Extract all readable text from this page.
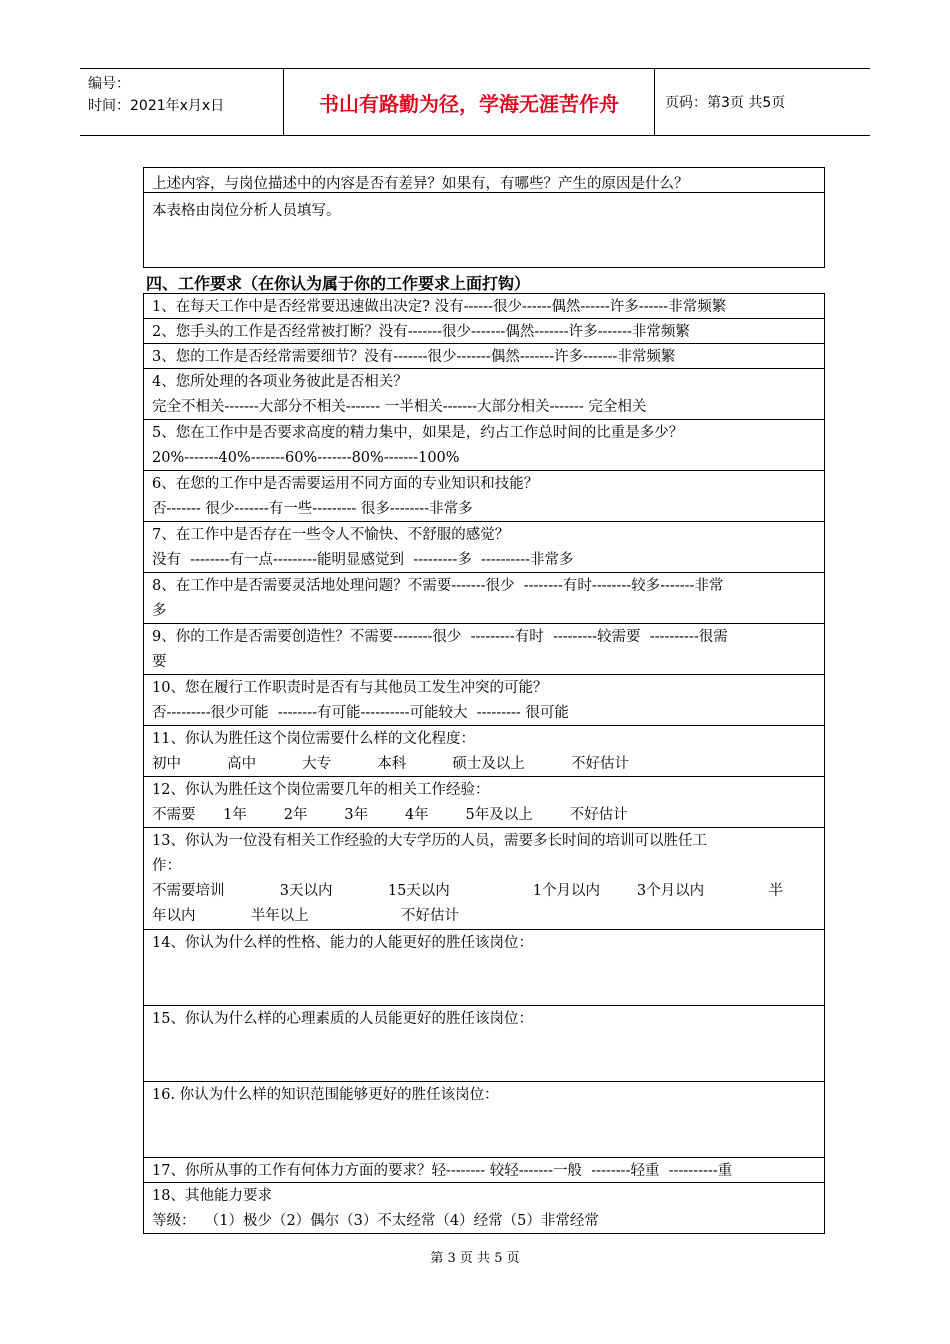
编号：
时间：2021年x月x日	书山有路勤为径，学海无涯苦作舟	页码：第3页 共5页
上述内容，与岗位描述中的内容是否有差异？如果有，有哪些？产生的原因是什么？
本表格由岗位分析人员填写。
四、工作要求（在你认为属于你的工作要求上面打钩）
1、在每天工作中是否经常要迅速做出决定? 没有------很少------偶然------许多------非常频繁
2、您手头的工作是否经常被打断？没有-------很少-------偶然-------许多-------非常频繁
3、您的工作是否经常需要细节？没有-------很少-------偶然-------许多-------非常频繁
4、您所处理的各项业务彼此是否相关？
完全不相关-------大部分不相关------- 一半相关-------大部分相关------- 完全相关
5、您在工作中是否要求高度的精力集中，如果是，约占工作总时间的比重是多少？
20%-------40%-------60%-------80%-------100%
6、在您的工作中是否需要运用不同方面的专业知识和技能？
否------- 很少-------有一些--------- 很多--------非常多
7、在工作中是否存在一些令人不愉快、不舒服的感觉？
没有  --------有一点---------能明显感觉到  ---------多  ----------非常多
8、在工作中是否需要灵活地处理问题？不需要-------很少  --------有时--------较多-------非常
多
9、你的工作是否需要创造性？不需要--------很少  ---------有时  ---------较需要  ----------很需
要
10、您在履行工作职责时是否有与其他员工发生冲突的可能？
否---------很少可能  --------有可能----------可能较大  --------- 很可能
11、你认为胜任这个岗位需要什么样的文化程度：
初中          高中          大专          本科          硕士及以上          不好估计
12、你认为胜任这个岗位需要几年的相关工作经验：
不需要      1年        2年        3年        4年        5年及以上        不好估计
13、你认为一位没有相关工作经验的大专学历的人员，需要多长时间的培训可以胜任工
作：
不需要培训            3天以内            15天以内                  1个月以内        3个月以内              半
年以内            半年以上                    不好估计
14、你认为什么样的性格、能力的人能更好的胜任该岗位：
15、你认为什么样的心理素质的人员能更好的胜任该岗位：
16. 你认为什么样的知识范围能够更好的胜任该岗位：
17、你所从事的工作有何体力方面的要求？轻-------- 较轻-------一般  --------轻重  ----------重
18、其他能力要求
等级：  （1）极少（2）偶尔（3）不太经常（4）经常（5）非常经常
第 3 页 共 5 页
